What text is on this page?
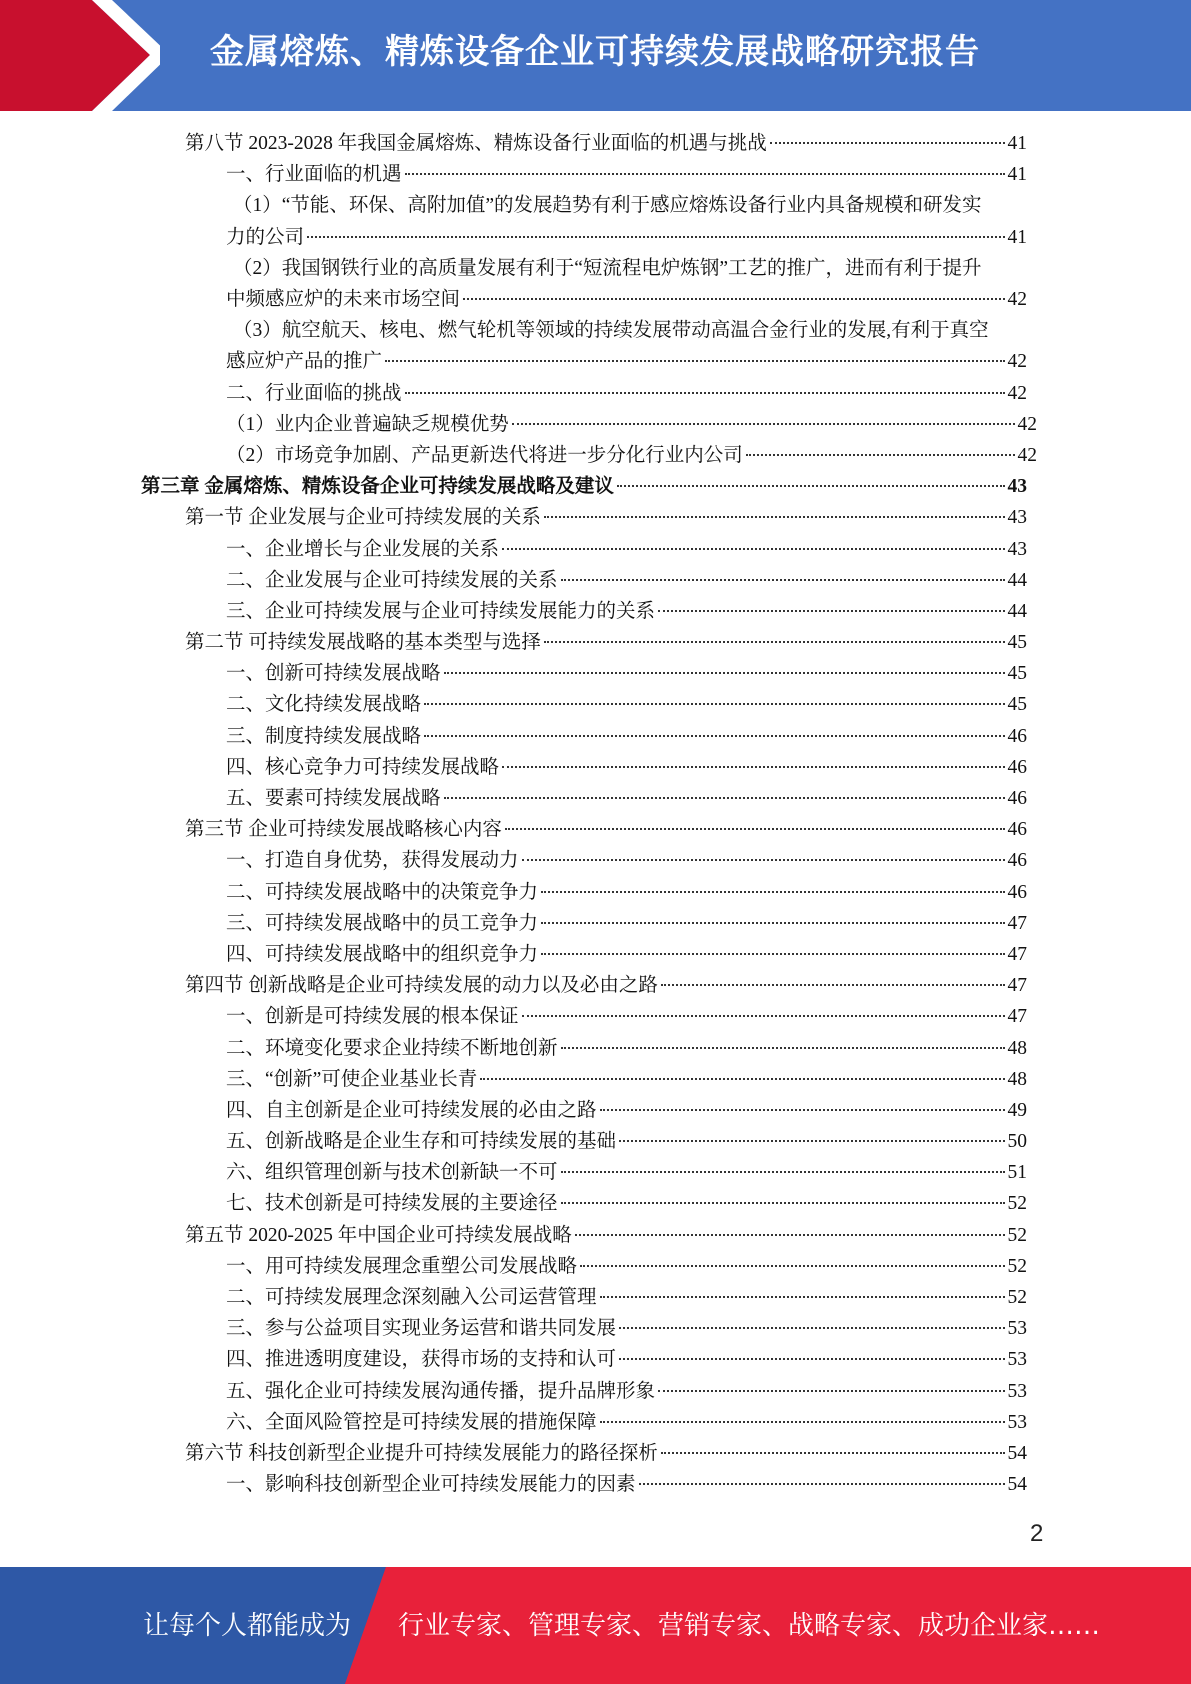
金属熔炼、精炼设备企业可持续发展战略研究报告
第八节 2023-2028 年我国金属熔炼、精炼设备行业面临的机遇与挑战	41
一、行业面临的机遇	41
（1）“节能、环保、高附加值”的发展趋势有利于感应熔炼设备行业内具备规模和研发实
力的公司	41
（2）我国钢铁行业的高质量发展有利于“短流程电炉炼钢”工艺的推广，进而有利于提升
中频感应炉的未来市场空间	42
（3）航空航天、核电、燃气轮机等领域的持续发展带动高温合金行业的发展,有利于真空
感应炉产品的推广	42
二、行业面临的挑战	42
（1）业内企业普遍缺乏规模优势	42
（2）市场竞争加剧、产品更新迭代将进一步分化行业内公司	42
第三章 金属熔炼、精炼设备企业可持续发展战略及建议	43
第一节 企业发展与企业可持续发展的关系	43
一、企业增长与企业发展的关系	43
二、企业发展与企业可持续发展的关系	44
三、企业可持续发展与企业可持续发展能力的关系	44
第二节 可持续发展战略的基本类型与选择	45
一、创新可持续发展战略	45
二、文化持续发展战略	45
三、制度持续发展战略	46
四、核心竞争力可持续发展战略	46
五、要素可持续发展战略	46
第三节 企业可持续发展战略核心内容	46
一、打造自身优势，获得发展动力	46
二、可持续发展战略中的决策竞争力	46
三、可持续发展战略中的员工竞争力	47
四、可持续发展战略中的组织竞争力	47
第四节 创新战略是企业可持续发展的动力以及必由之路	47
一、创新是可持续发展的根本保证	47
二、环境变化要求企业持续不断地创新	48
三、“创新”可使企业基业长青	48
四、自主创新是企业可持续发展的必由之路	49
五、创新战略是企业生存和可持续发展的基础	50
六、组织管理创新与技术创新缺一不可	51
七、技术创新是可持续发展的主要途径	52
第五节 2020-2025 年中国企业可持续发展战略	52
一、用可持续发展理念重塑公司发展战略	52
二、可持续发展理念深刻融入公司运营管理	52
三、参与公益项目实现业务运营和谐共同发展	53
四、推进透明度建设，获得市场的支持和认可	53
五、强化企业可持续发展沟通传播，提升品牌形象	53
六、全面风险管控是可持续发展的措施保障	53
第六节 科技创新型企业提升可持续发展能力的路径探析	54
一、影响科技创新型企业可持续发展能力的因素	54
2
让每个人都能成为 行业专家、管理专家、营销专家、战略专家、成功企业家……
